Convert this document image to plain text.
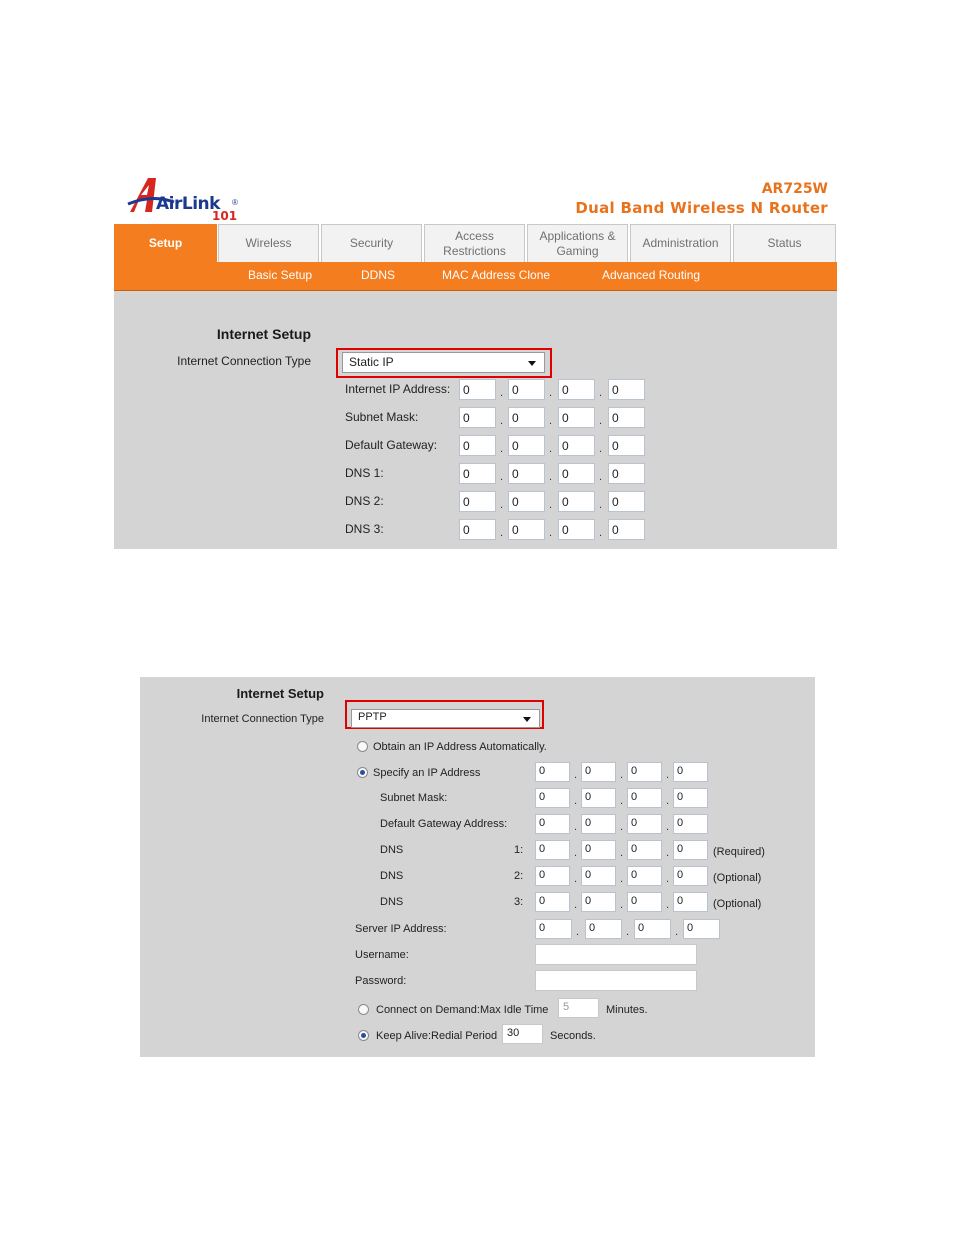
AirLink ®
101
AR725W
Dual Band Wireless N Router
Setup	Wireless	Security
Access
Restrictions
Applications &
Gaming
Administration	Status
Basic Setup	DDNS	MAC Address Clone	Advanced Routing
Internet Setup
Internet Connection Type	Static IP
Internet IP Address:	0	. 0	. 0	. 0
Subnet Mask:	0	. 0	. 0	. 0
Default Gateway:	0	. 0	. 0	. 0
DNS 1:	0	. 0	. 0	. 0
DNS 2:	0	. 0	. 0	. 0
DNS 3:	0	. 0	. 0	. 0
Internet Setup
Internet Connection Type	PPTP
Obtain an IP Address Automatically.
Specify an IP Address	0	. 0	. 0	. 0
Subnet Mask:	0	. 0	. 0	. 0
Default Gateway Address:	0	. 0	. 0	. 0
DNS	1:	0	. 0	. 0	. 0	(Required)
DNS	2:	0	. 0	. 0	. 0	(Optional)
DNS	3:	0	. 0	. 0	. 0	(Optional)
Server IP Address:	0	. 0	. 0	. 0
Username:
Password:
Connect on Demand:Max Idle Time	5	Minutes.
Keep Alive:Redial Period 30	Seconds.
